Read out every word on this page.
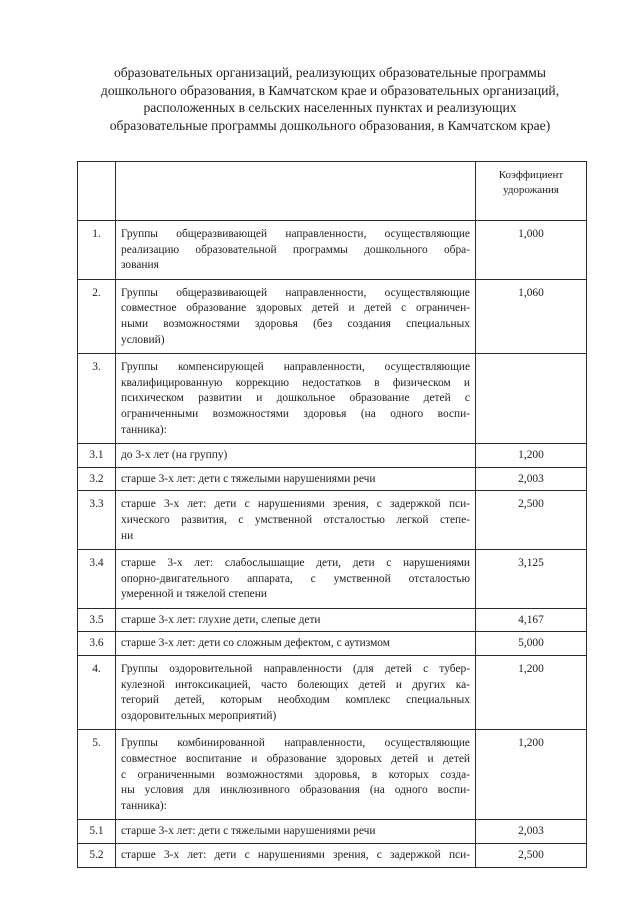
образовательных организаций, реализующих образовательные программы
дошкольного образования, в Камчатском крае и образовательных организаций,
расположенных в сельских населенных пунктах и реализующих
образовательные программы дошкольного образования, в Камчатском крае)

		Коэффициент
удорожания

1.	Группы общеразвивающей направленности, осуществляющие
реализацию образовательной программы дошкольного обра-
зования	1,000
2.	Группы общеразвивающей направленности, осуществляющие
совместное образование здоровых детей и детей с ограничен-
ными возможностями здоровья (без создания специальных
условий)	1,060
3.	Группы компенсирующей направленности, осуществляющие
квалифицированную коррекцию недостатков в физическом и
психическом развитии и дошкольное образование детей с
ограниченными возможностями здоровья (на одного воспи-
танника):	

3.1	до 3-х лет (на группу)	1,200
3.2	старше 3-х лет: дети с тяжелыми нарушениями речи	2,003
3.3	старше 3-х лет: дети с нарушениями зрения, с задержкой пси-
хического развития, с умственной отсталостью легкой степе-
ни	2,500
3.4	старше 3-х лет: слабослышащие дети, дети с нарушениями
опорно-двигательного аппарата, с умственной отсталостью
умеренной и тяжелой степени	3,125
3.5	старше 3-х лет: глухие дети, слепые дети	4,167
3.6	старше 3-х лет: дети со сложным дефектом, с аутизмом	5,000
4.	Группы оздоровительной направленности (для детей с тубер-
кулезной интоксикацией, часто болеющих детей и других ка-
тегорий детей, которым необходим комплекс специальных
оздоровительных мероприятий)	1,200
5.	Группы комбинированной направленности, осуществляющие
совместное воспитание и образование здоровых детей и детей
с ограниченными возможностями здоровья, в которых созда-
ны условия для инклюзивного образования (на одного воспи-
танника):	1,200
5.1	старше 3-х лет: дети с тяжелыми нарушениями речи	2,003
5.2	старше 3-х лет: дети с нарушениями зрения, с задержкой пси-	2,500
